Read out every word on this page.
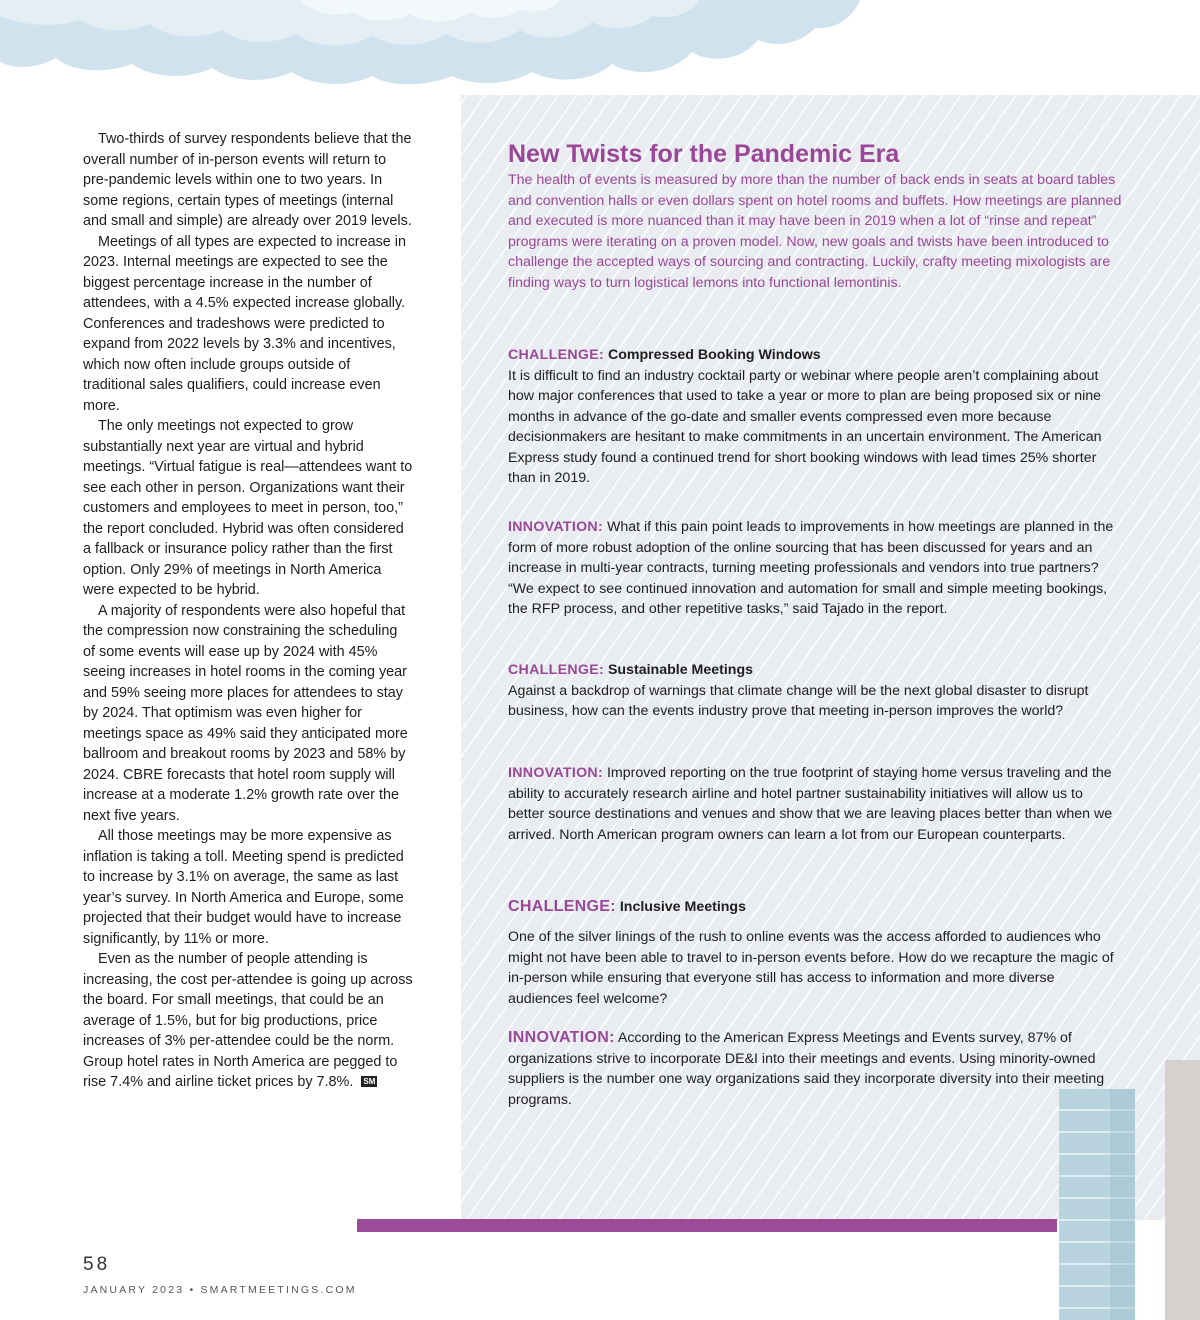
Two-thirds of survey respondents believe that the overall number of in-person events will return to pre-pandemic levels within one to two years. In some regions, certain types of meetings (internal and small and simple) are already over 2019 levels.

Meetings of all types are expected to increase in 2023. Internal meetings are expected to see the biggest percentage increase in the number of attendees, with a 4.5% expected increase globally. Conferences and tradeshows were predicted to expand from 2022 levels by 3.3% and incentives, which now often include groups outside of traditional sales qualifiers, could increase even more.

The only meetings not expected to grow substantially next year are virtual and hybrid meetings. “Virtual fatigue is real—attendees want to see each other in person. Organizations want their customers and employees to meet in person, too,” the report concluded. Hybrid was often considered a fallback or insurance policy rather than the first option. Only 29% of meetings in North America were expected to be hybrid.

A majority of respondents were also hopeful that the compression now constraining the scheduling of some events will ease up by 2024 with 45% seeing increases in hotel rooms in the coming year and 59% seeing more places for attendees to stay by 2024. That optimism was even higher for meetings space as 49% said they anticipated more ballroom and breakout rooms by 2023 and 58% by 2024. CBRE forecasts that hotel room supply will increase at a moderate 1.2% growth rate over the next five years.

All those meetings may be more expensive as inflation is taking a toll. Meeting spend is predicted to increase by 3.1% on average, the same as last year’s survey. In North America and Europe, some projected that their budget would have to increase significantly, by 11% or more.

Even as the number of people attending is increasing, the cost per-attendee is going up across the board. For small meetings, that could be an average of 1.5%, but for big productions, price increases of 3% per-attendee could be the norm. Group hotel rates in North America are pegged to rise 7.4% and airline ticket prices by 7.8%. SM

New Twists for the Pandemic Era

The health of events is measured by more than the number of back ends in seats at board tables and convention halls or even dollars spent on hotel rooms and buffets. How meetings are planned and executed is more nuanced than it may have been in 2019 when a lot of “rinse and repeat” programs were iterating on a proven model. Now, new goals and twists have been introduced to challenge the accepted ways of sourcing and contracting. Luckily, crafty meeting mixologists are finding ways to turn logistical lemons into functional lemontinis.

CHALLENGE: Compressed Booking Windows
It is difficult to find an industry cocktail party or webinar where people aren’t complaining about how major conferences that used to take a year or more to plan are being proposed six or nine months in advance of the go-date and smaller events compressed even more because decisionmakers are hesitant to make commitments in an uncertain environment. The American Express study found a continued trend for short booking windows with lead times 25% shorter than in 2019.
INNOVATION: What if this pain point leads to improvements in how meetings are planned in the form of more robust adoption of the online sourcing that has been discussed for years and an increase in multi-year contracts, turning meeting professionals and vendors into true partners? “We expect to see continued innovation and automation for small and simple meeting bookings, the RFP process, and other repetitive tasks,” said Tajado in the report.
CHALLENGE: Sustainable Meetings
Against a backdrop of warnings that climate change will be the next global disaster to disrupt business, how can the events industry prove that meeting in-person improves the world?
INNOVATION: Improved reporting on the true footprint of staying home versus traveling and the ability to accurately research airline and hotel partner sustainability initiatives will allow us to better source destinations and venues and show that we are leaving places better than when we arrived. North American program owners can learn a lot from our European counterparts.
CHALLENGE: Inclusive Meetings
One of the silver linings of the rush to online events was the access afforded to audiences who might not have been able to travel to in-person events before. How do we recapture the magic of in-person while ensuring that everyone still has access to information and more diverse audiences feel welcome?
INNOVATION: According to the American Express Meetings and Events survey, 87% of organizations strive to incorporate DE&I into their meetings and events. Using minority-owned suppliers is the number one way organizations said they incorporate diversity into their meeting programs.
58
JANUARY 2023 • SMARTMEETINGS.COM
